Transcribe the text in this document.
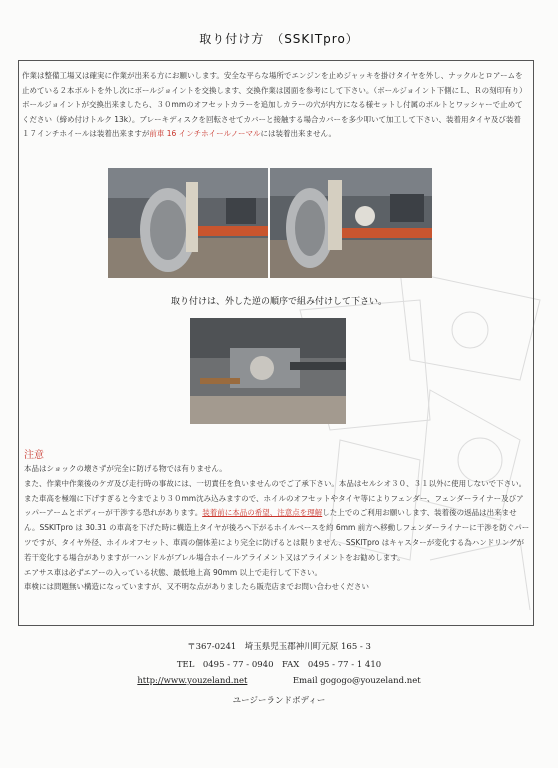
取り付け方　（SSKITpro）
作業は整備工場又は確実に作業が出来る方にお願いします。安全な平らな場所でエンジンを止めジャッキを掛けタイヤを外し、ナックルとロアームを止めている２本ボルトを外し次にボールジョイントを交換します、交換作業は図面を参考にして下さい。（ボールジョイント下側にＬ、Ｒの刻印有り）ボールジョイントが交換出来ましたら、３０mmのオフセットカラーを追加しカラーの穴が内方になる様セットし付属のボルトとワッシャーで止めてください（締め付けトルク 13k）。ブレーキディスクを回転させてカバーと接触する場合カバーを多少叩いて加工して下さい、装着用タイヤ及び装着１７インチホイールは装着出来ますが前車 16 インチホイールノーマルには装着出来ません。
取り付けは、外した逆の順序で組み付けして下さい。
注意

本品はショックの壊さずが完全に防げる物では有りません。

また、作業中作業後のケガ及び走行時の事故には、一切責任を負いませんのでご了承下さい。本品はセルシオ３０、３１以外に使用しないで下さい。また車高を極端に下げすぎると今までより３０mm沈み込みますので、ホイルのオフセットやタイヤ等によりフェンダー、フェンダーライナー及びアッパーアームとボディーが干渉する恐れがあります。装着前に本品の希望、注意点を理解した上でのご利用お願いします、装着後の返品は出来ません。SSKITpro は 30.31 の車高を下げた時に構造上タイヤが後ろへ下がるホイルベースを約 6mm 前方へ移動しフェンダーライナーに干渉を防ぐパーツですが、タイヤ外径、ホイルオフセット、車両の個体差により完全に防げるとは限りません、SSKITpro はキャスターが変化する為ハンドリングが若干変化する場合がありますが一ハンドルがブレル場合ホイールアライメント又はアライメントをお勧めします。

エアサス車は必ずエアーの入っている状態、最低地上高 90mm 以上で走行して下さい。

車検には問題無い構造になっていますが、又不明な点がありましたら販売店までお問い合わせください

〒367-0241　埼玉県児玉郡神川町元原 165 - 3
TEL　0495 - 77 - 0940　FAX　0495 - 77 - 1 410
http://www.youzeland.net	Email gogogo@youzeland.net
ユージーランドボディー
